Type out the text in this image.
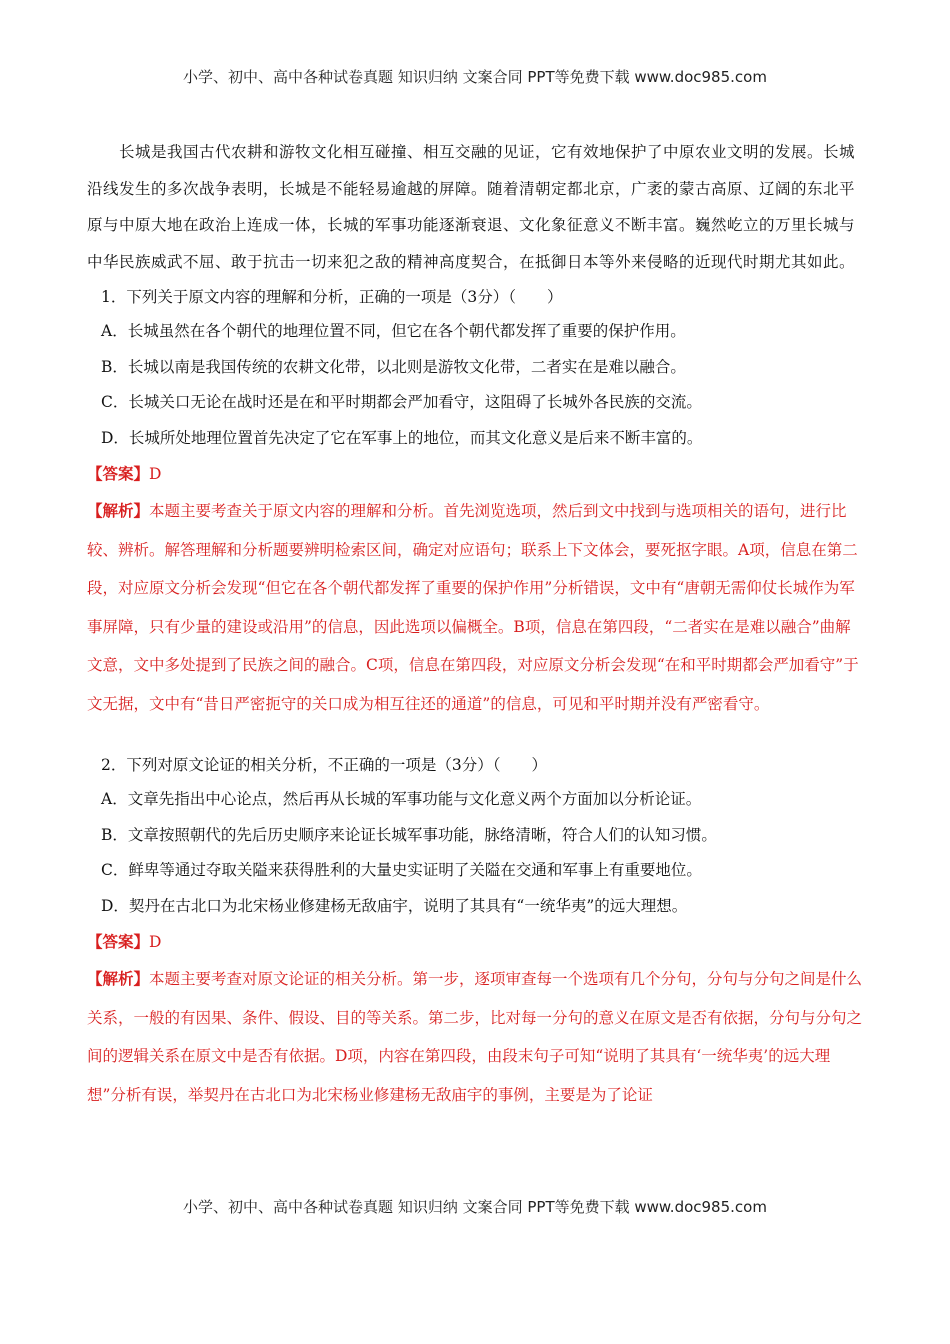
小学、初中、高中各种试卷真题 知识归纳 文案合同 PPT等免费下载 www.doc985.com

长城是我国古代农耕和游牧文化相互碰撞、相互交融的见证，它有效地保护了中原农业文明的发展。长城沿线发生的多次战争表明，长城是不能轻易逾越的屏障。随着清朝定都北京，广袤的蒙古高原、辽阔的东北平原与中原大地在政治上连成一体，长城的军事功能逐渐衰退、文化象征意义不断丰富。巍然屹立的万里长城与中华民族威武不屈、敢于抗击一切来犯之敌的精神高度契合，在抵御日本等外来侵略的近现代时期尤其如此。

1．下列关于原文内容的理解和分析，正确的一项是（3分）（　　）

A．长城虽然在各个朝代的地理位置不同，但它在各个朝代都发挥了重要的保护作用。

B．长城以南是我国传统的农耕文化带，以北则是游牧文化带，二者实在是难以融合。

C．长城关口无论在战时还是在和平时期都会严加看守，这阻碍了长城外各民族的交流。

D．长城所处地理位置首先决定了它在军事上的地位，而其文化意义是后来不断丰富的。

【答案】D

【解析】本题主要考查关于原文内容的理解和分析。首先浏览选项，然后到文中找到与选项相关的语句，进行比较、辨析。解答理解和分析题要辨明检索区间，确定对应语句；联系上下文体会，要死抠字眼。A项，信息在第二段，对应原文分析会发现“但它在各个朝代都发挥了重要的保护作用”分析错误，文中有“唐朝无需仰仗长城作为军事屏障，只有少量的建设或沿用”的信息，因此选项以偏概全。B项，信息在第四段，“二者实在是难以融合”曲解文意，文中多处提到了民族之间的融合。C项，信息在第四段，对应原文分析会发现“在和平时期都会严加看守”于文无据，文中有“昔日严密扼守的关口成为相互往还的通道”的信息，可见和平时期并没有严密看守。

2．下列对原文论证的相关分析，不正确的一项是（3分）（　　）

A．文章先指出中心论点，然后再从长城的军事功能与文化意义两个方面加以分析论证。

B．文章按照朝代的先后历史顺序来论证长城军事功能，脉络清晰，符合人们的认知习惯。

C．鲜卑等通过夺取关隘来获得胜利的大量史实证明了关隘在交通和军事上有重要地位。

D．契丹在古北口为北宋杨业修建杨无敌庙宇，说明了其具有“一统华夷”的远大理想。

【答案】D

【解析】本题主要考查对原文论证的相关分析。第一步，逐项审查每一个选项有几个分句，分句与分句之间是什么关系，一般的有因果、条件、假设、目的等关系。第二步，比对每一分句的意义在原文是否有依据，分句与分句之间的逻辑关系在原文中是否有依据。D项，内容在第四段，由段末句子可知“说明了其具有‘一统华夷’的远大理想”分析有误，举契丹在古北口为北宋杨业修建杨无敌庙宇的事例，主要是为了论证

小学、初中、高中各种试卷真题 知识归纳 文案合同 PPT等免费下载 www.doc985.com
